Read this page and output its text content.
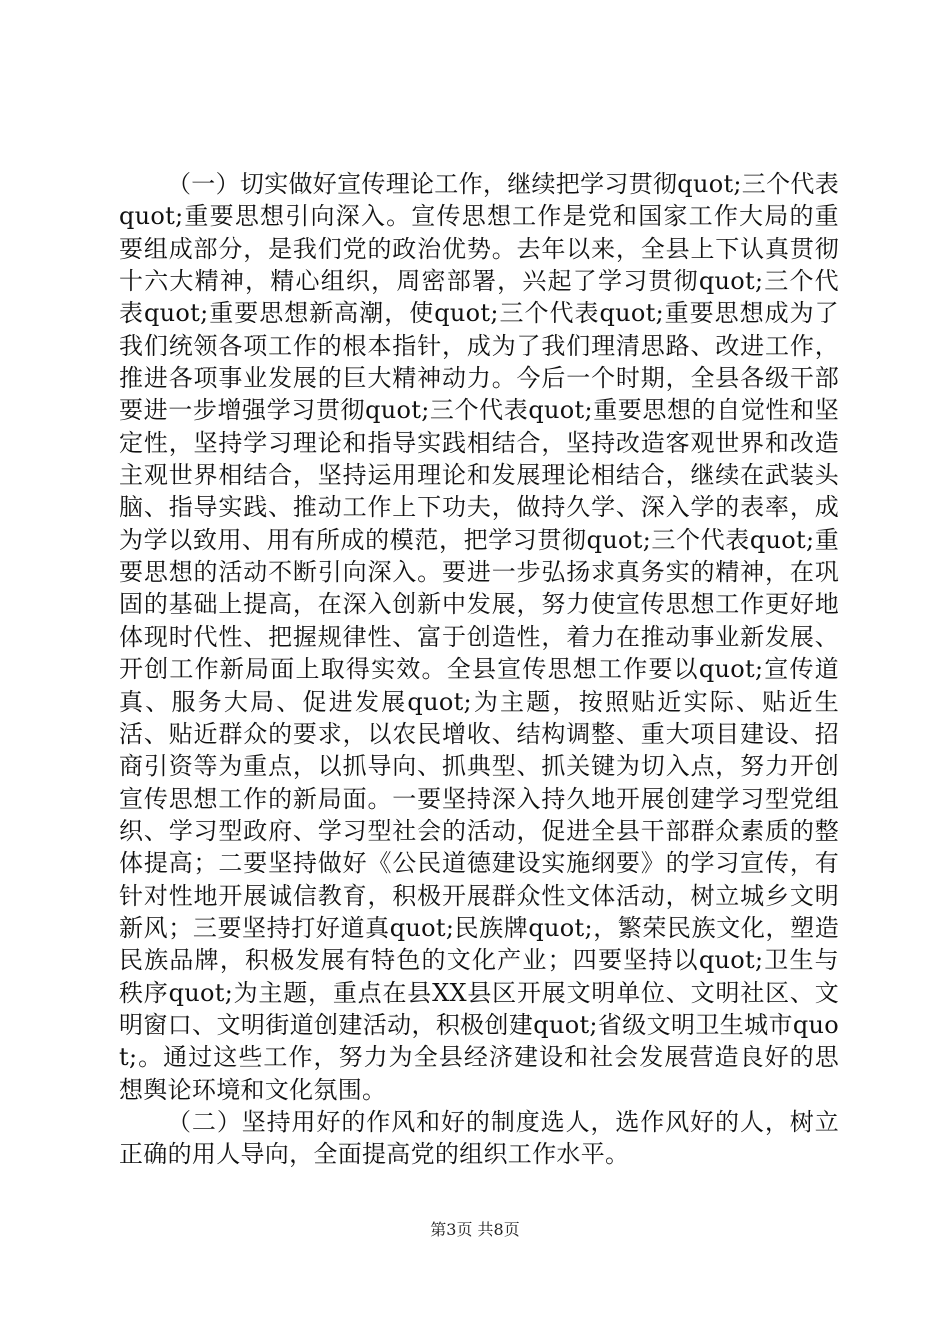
（一）切实做好宣传理论工作，继续把学习贯彻quot;三个代表quot;重要思想引向深入。宣传思想工作是党和国家工作大局的重要组成部分，是我们党的政治优势。去年以来，全县上下认真贯彻十六大精神，精心组织，周密部署，兴起了学习贯彻quot;三个代表quot;重要思想新高潮，使quot;三个代表quot;重要思想成为了我们统领各项工作的根本指针，成为了我们理清思路、改进工作，推进各项事业发展的巨大精神动力。今后一个时期，全县各级干部要进一步增强学习贯彻quot;三个代表quot;重要思想的自觉性和坚定性，坚持学习理论和指导实践相结合，坚持改造客观世界和改造主观世界相结合，坚持运用理论和发展理论相结合，继续在武装头脑、指导实践、推动工作上下功夫，做持久学、深入学的表率，成为学以致用、用有所成的模范，把学习贯彻quot;三个代表quot;重要思想的活动不断引向深入。要进一步弘扬求真务实的精神，在巩固的基础上提高，在深入创新中发展，努力使宣传思想工作更好地体现时代性、把握规律性、富于创造性，着力在推动事业新发展、开创工作新局面上取得实效。全县宣传思想工作要以quot;宣传道真、服务大局、促进发展quot;为主题，按照贴近实际、贴近生活、贴近群众的要求，以农民增收、结构调整、重大项目建设、招商引资等为重点，以抓导向、抓典型、抓关键为切入点，努力开创宣传思想工作的新局面。一要坚持深入持久地开展创建学习型党组织、学习型政府、学习型社会的活动，促进全县干部群众素质的整体提高；二要坚持做好《公民道德建设实施纲要》的学习宣传，有针对性地开展诚信教育，积极开展群众性文体活动，树立城乡文明新风；三要坚持打好道真quot;民族牌quot;，繁荣民族文化，塑造民族品牌，积极发展有特色的文化产业；四要坚持以quot;卫生与秩序quot;为主题，重点在县XX县区开展文明单位、文明社区、文明窗口、文明街道创建活动，积极创建quot;省级文明卫生城市quot;。通过这些工作，努力为全县经济建设和社会发展营造良好的思想舆论环境和文化氛围。

（二）坚持用好的作风和好的制度选人，选作风好的人，树立正确的用人导向，全面提高党的组织工作水平。

第3页 共8页
